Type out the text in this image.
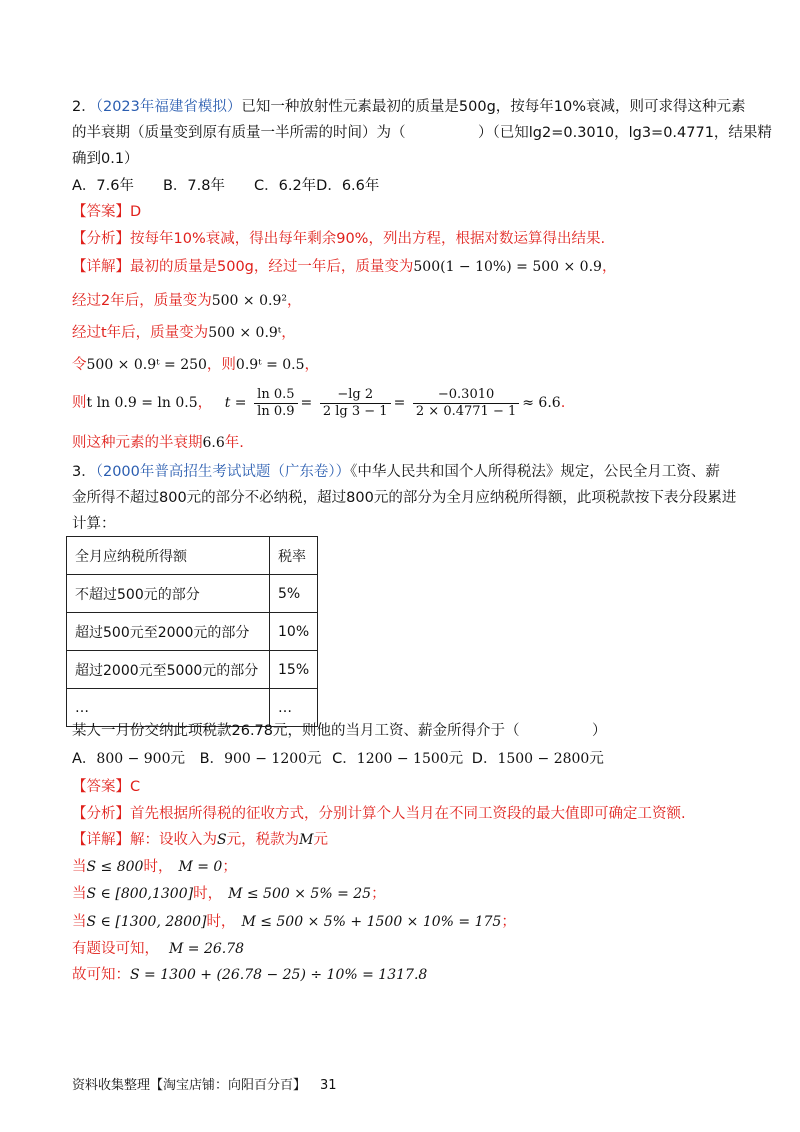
2．（2023年福建省模拟）已知一种放射性元素最初的质量是500g，按每年10%衰减，则可求得这种元素
的半衰期（质量变到原有质量一半所需的时间）为（　　　　　）（已知lg2=0.3010，lg3=0.4771，结果精
确到0.1）
A．7.6年　　B．7.8年　　C．6.2年D．6.6年
【答案】D
【分析】按每年10%衰减，得出每年剩余90%，列出方程，根据对数运算得出结果.
【详解】最初的质量是500g，经过一年后，质量变为500(1 − 10%) = 500 × 0.9，
经过2年后，质量变为500 × 0.9²，
经过t年后，质量变为500 × 0.9ᵗ，
令500 × 0.9ᵗ = 250，则0.9ᵗ = 0.5，
则t ln 0.9 = ln 0.5， $t = \frac{\ln 0.5}{\ln 0.9} = \frac{-\lg 2}{2 \lg 3 - 1} = \frac{-0.3010}{2 \times 0.4771 - 1} \approx 6.6$.
则这种元素的半衰期6.6年.
3．（2000年普高招生考试试题（广东卷））《中华人民共和国个人所得税法》规定，公民全月工资、薪
金所得不超过800元的部分不必纳税，超过800元的部分为全月应纳税所得额，此项税款按下表分段累进
计算：
全月应纳税所得额	税率
不超过500元的部分	5%
超过500元至2000元的部分	10%
超过2000元至5000元的部分	15%
…	…
某人一月份交纳此项税款26.78元，则他的当月工资、薪金所得介于（　　　　　）
A．800 − 900元 B．900 − 1200元 C．1200 − 1500元 D．1500 − 2800元
【答案】C
【分析】首先根据所得税的征收方式，分别计算个人当月在不同工资段的最大值即可确定工资额.
【详解】解：设收入为S元，税款为M元
当S ≤ 800时， M = 0；
当S ∈ [800,1300]时， M ≤ 500 × 5% = 25；
当S ∈ [1300, 2800]时， M ≤ 500 × 5% + 1500 × 10% = 175；
有题设可知， M = 26.78
故可知：S = 1300 + (26.78 − 25) ÷ 10% = 1317.8
资料收集整理【淘宝店铺：向阳百分百】 31
